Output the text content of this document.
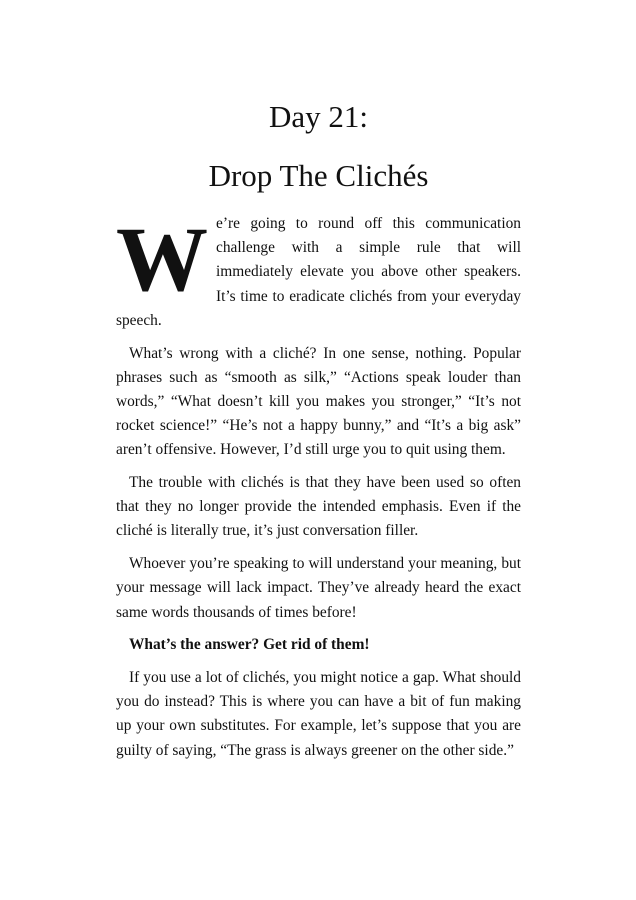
Day 21:
Drop The Clichés

We’re going to round off this communication challenge with a simple rule that will immediately elevate you above other speakers. It’s time to eradicate clichés from your everyday speech.

What’s wrong with a cliché? In one sense, nothing. Popular phrases such as “smooth as silk,” “Actions speak louder than words,” “What doesn’t kill you makes you stronger,” “It’s not rocket science!” “He’s not a happy bunny,” and “It’s a big ask” aren’t offensive. However, I’d still urge you to quit using them.

The trouble with clichés is that they have been used so often that they no longer provide the intended emphasis. Even if the cliché is literally true, it’s just conversation filler.

Whoever you’re speaking to will understand your meaning, but your message will lack impact. They’ve already heard the exact same words thousands of times before!

What’s the answer? Get rid of them!

If you use a lot of clichés, you might notice a gap. What should you do instead? This is where you can have a bit of fun making up your own substitutes. For example, let’s suppose that you are guilty of saying, “The grass is always greener on the other side.”
